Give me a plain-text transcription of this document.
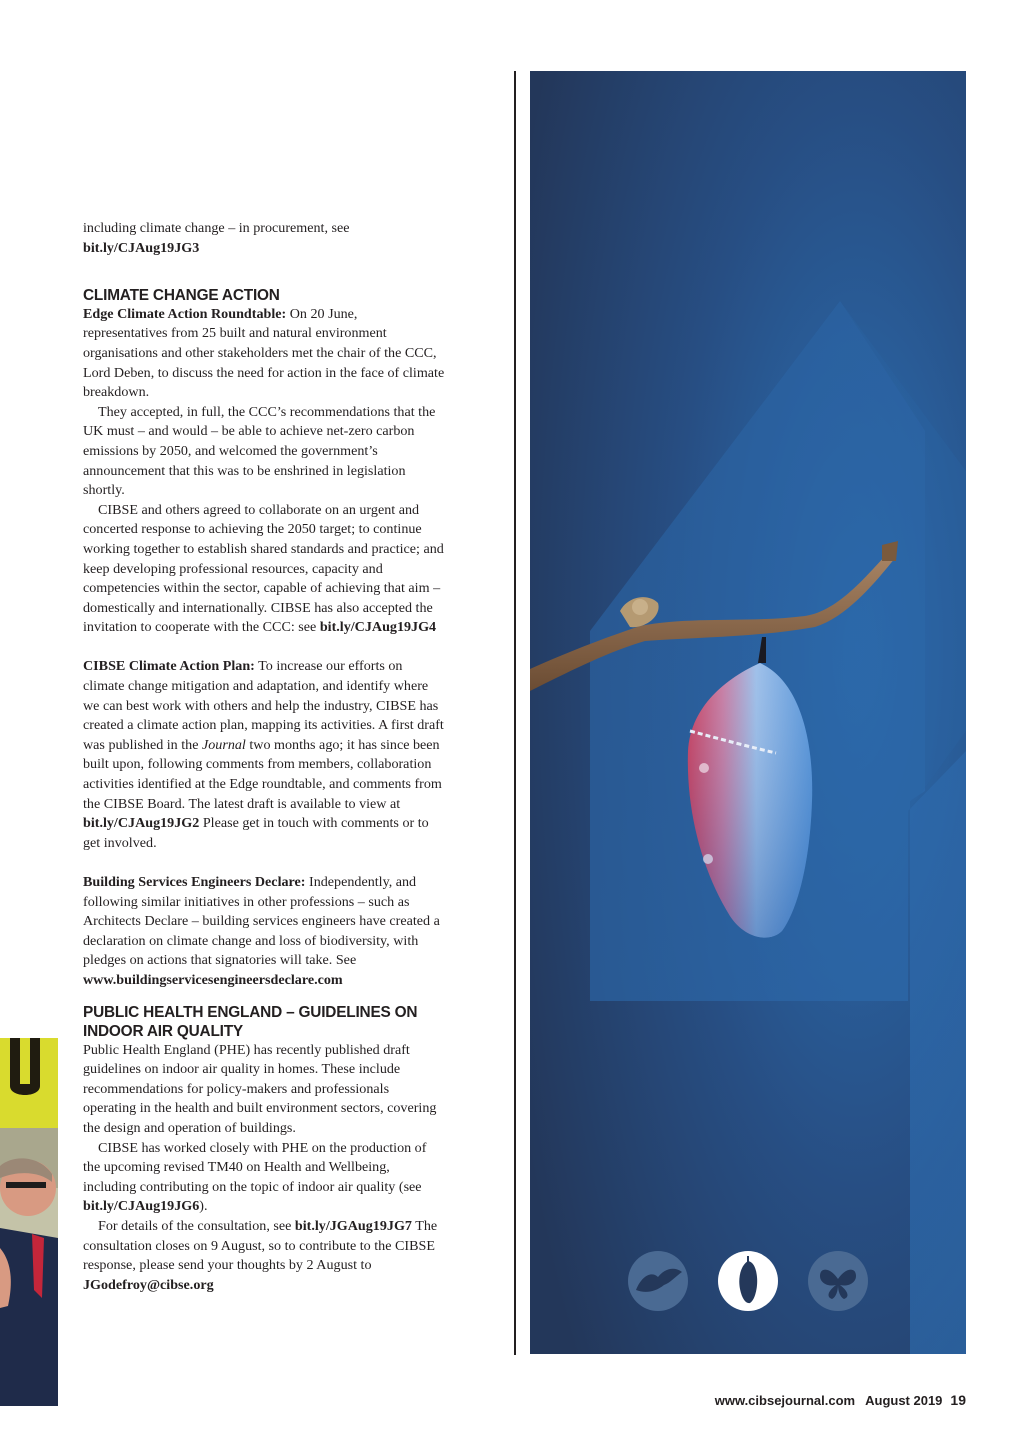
including climate change – in procurement, see
bit.ly/CJAug19JG3

CLIMATE CHANGE ACTION

Edge Climate Action Roundtable: On 20 June, representatives from 25 built and natural environment organisations and other stakeholders met the chair of the CCC, Lord Deben, to discuss the need for action in the face of climate breakdown.

They accepted, in full, the CCC’s recommendations that the UK must – and would – be able to achieve net-zero carbon emissions by 2050, and welcomed the government’s announcement that this was to be enshrined in legislation shortly.

CIBSE and others agreed to collaborate on an urgent and concerted response to achieving the 2050 target; to continue working together to establish shared standards and practice; and keep developing professional resources, capacity and competencies within the sector, capable of achieving that aim – domestically and internationally. CIBSE has also accepted the invitation to cooperate with the CCC: see bit.ly/CJAug19JG4

CIBSE Climate Action Plan: To increase our efforts on climate change mitigation and adaptation, and identify where we can best work with others and help the industry, CIBSE has created a climate action plan, mapping its activities. A first draft was published in the Journal two months ago; it has since been built upon, following comments from members, collaboration activities identified at the Edge roundtable, and comments from the CIBSE Board. The latest draft is available to view at bit.ly/CJAug19JG2 Please get in touch with comments or to get involved.

Building Services Engineers Declare: Independently, and following similar initiatives in other professions – such as Architects Declare – building services engineers have created a declaration on climate change and loss of biodiversity, with pledges on actions that signatories will take. See www.buildingservicesengineersdeclare.com

PUBLIC HEALTH ENGLAND – GUIDELINES ON INDOOR AIR QUALITY

Public Health England (PHE) has recently published draft guidelines on indoor air quality in homes. These include recommendations for policy-makers and professionals operating in the health and built environment sectors, covering the design and operation of buildings.

CIBSE has worked closely with PHE on the production of the upcoming revised TM40 on Health and Wellbeing, including contributing on the topic of indoor air quality (see bit.ly/CJAug19JG6).

For details of the consultation, see bit.ly/JGAug19JG7 The consultation closes on 9 August, so to contribute to the CIBSE response, please send your thoughts by 2 August to JGodefroy@cibse.org

www.cibsejournal.com August 2019 19
